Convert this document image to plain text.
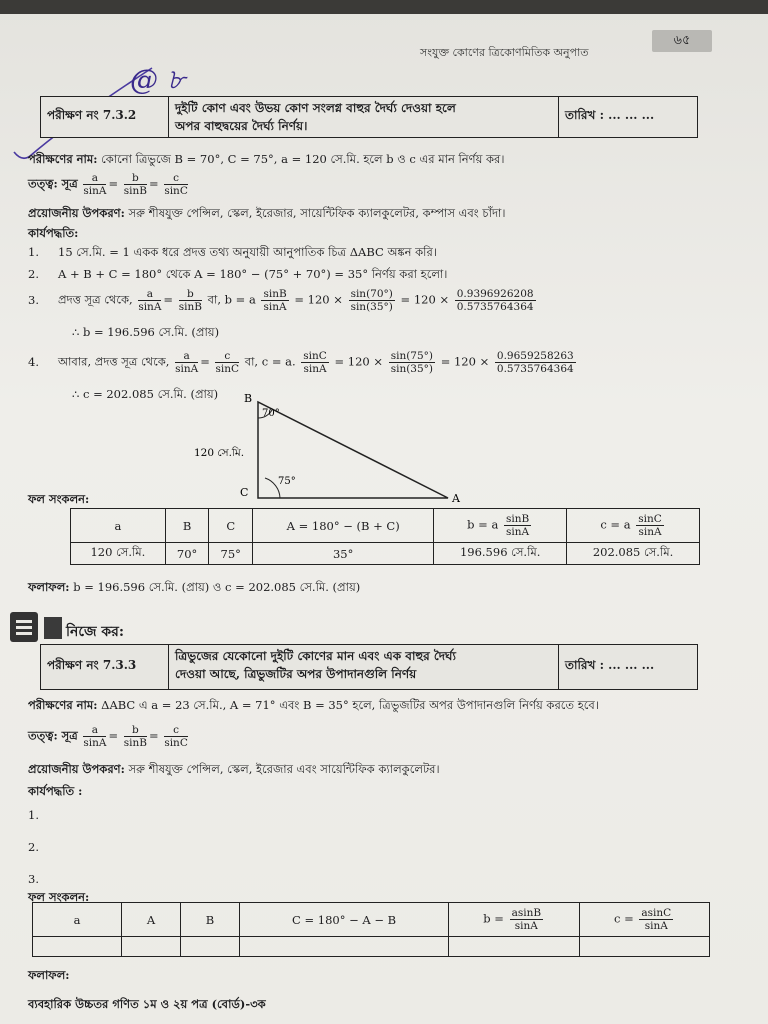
সংযুক্ত কোণের ত্রিকোণমিতিক অনুপাত
৬৫
@ ৮
পরীক্ষণ নং 7.3.2	দুইটি কোণ এবং উভয় কোণ সংলগ্ন বাহুর দৈর্ঘ্য দেওয়া হলে
অপর বাহুদ্বয়ের দৈর্ঘ্য নির্ণয়।
তারিখ : ... ... ...
পরীক্ষণের নাম: কোনো ত্রিভুজে B = 70°, C = 75°, a = 120 সে.মি. হলে b ও c এর মান নির্ণয় কর।
তত্ত্ব: সূত্র $\frac{a}{\sin A} = \frac{b}{\sin B} = \frac{c}{\sin C}$
প্রয়োজনীয় উপকরণ: সরু শীষযুক্ত পেন্সিল, স্কেল, ইরেজার, সায়েন্টিফিক ক্যালকুলেটর, কম্পাস এবং চাঁদা।
কার্যপদ্ধতি:
1. 15 সে.মি. = 1 একক ধরে প্রদত্ত তথ্য অনুযায়ী আনুপাতিক চিত্র ΔABC অঙ্কন করি।
2. A + B + C = 180° থেকে A = 180° − (75° + 70°) = 35° নির্ণয় করা হলো।
3. প্রদত্ত সূত্র থেকে, $\frac{a}{\sin A} = \frac{b}{\sin B}$ বা, b = a $\frac{\sin B}{\sin A} = 120 \times \frac{\sin(70^\circ)}{\sin(35^\circ)} = 120 \times \frac{0.9396926208}{0.5735764364}$
∴ b = 196.596 সে.মি. (প্রায়)
4. আবার, প্রদত্ত সূত্র থেকে, $\frac{a}{\sin A} = \frac{c}{\sin C}$ বা, c = a. $\frac{\sin C}{\sin A} = 120 \times \frac{\sin(75^\circ)}{\sin(35^\circ)} = 120 \times \frac{0.9659258263}{0.5735764364}$
∴ c = 202.085 সে.মি. (প্রায়) B
C	A
70°
75°
120 সে.মি.
ফল সংকলন:
a	B	C	A = 180° − (B + C)	b = a $\frac{\sin B}{\sin A}$	c = a $\frac{\sin C}{\sin A}$

120 সে.মি.	70°	75°	35°	196.596 সে.মি.	202.085 সে.মি.
ফলাফল: b = 196.596 সে.মি. (প্রায়) ও c = 202.085 সে.মি. (প্রায়)
নিজে কর:
পরীক্ষণ নং 7.3.3
ত্রিভুজের যেকোনো দুইটি কোণের মান এবং এক বাহুর দৈর্ঘ্য
দেওয়া আছে, ত্রিভুজটির অপর উপাদানগুলি নির্ণয়
তারিখ : ... ... ...
পরীক্ষণের নাম: ΔABC এ a = 23 সে.মি., A = 71° এবং B = 35° হলে, ত্রিভুজটির অপর উপাদানগুলি নির্ণয় করতে হবে।
তত্ত্ব: সূত্র $\frac{a}{\sin A} = \frac{b}{\sin B} = \frac{c}{\sin C}$
প্রয়োজনীয় উপকরণ: সরু শীষযুক্ত পেন্সিল, স্কেল, ইরেজার এবং সায়েন্টিফিক ক্যালকুলেটর।
কার্যপদ্ধতি :
1.
2.
3.
ফল সংকলন:
a	A	B	C = 180° − A − B	$b = \frac{asinB}{\sin A}$	$c = \frac{asinC}{\sin A}$

ফলাফল:
ব্যবহারিক উচ্চতর গণিত ১ম ও ২য় পত্র (বোর্ড)-৩ক
